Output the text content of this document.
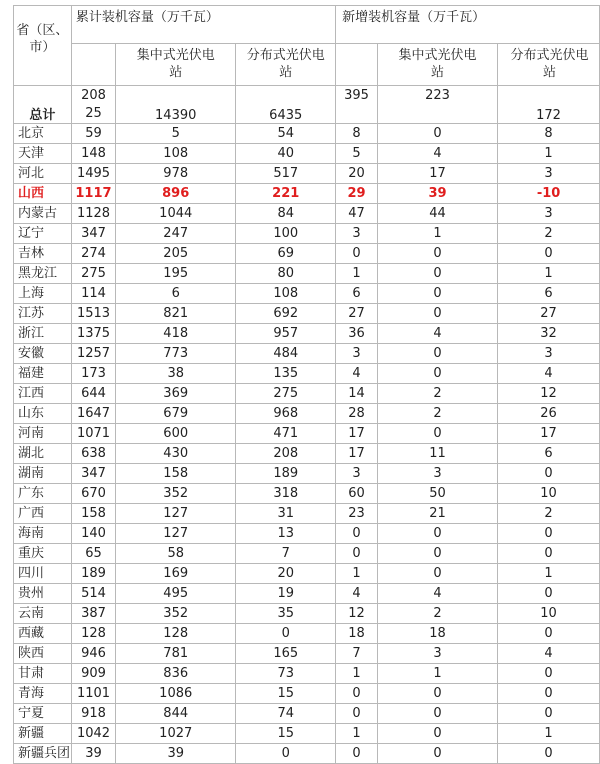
省（区、市）	累计装机容量（万千瓦）			新增装机容量（万千瓦）		
		集中式光伏电站	分布式光伏电站		集中式光伏电站	分布式光伏电站
总计	20825	14390	6435	395	223	172
北京	59	5	54	8	0	8
天津	148	108	40	5	4	1
河北	1495	978	517	20	17	3
山西	1117	896	221	29	39	-10
内蒙古	1128	1044	84	47	44	3
辽宁	347	247	100	3	1	2
吉林	274	205	69	0	0	0
黑龙江	275	195	80	1	0	1
上海	114	6	108	6	0	6
江苏	1513	821	692	27	0	27
浙江	1375	418	957	36	4	32
安徽	1257	773	484	3	0	3
福建	173	38	135	4	0	4
江西	644	369	275	14	2	12
山东	1647	679	968	28	2	26
河南	1071	600	471	17	0	17
湖北	638	430	208	17	11	6
湖南	347	158	189	3	3	0
广东	670	352	318	60	50	10
广西	158	127	31	23	21	2
海南	140	127	13	0	0	0
重庆	65	58	7	0	0	0
四川	189	169	20	1	0	1
贵州	514	495	19	4	4	0
云南	387	352	35	12	2	10
西藏	128	128	0	18	18	0
陕西	946	781	165	7	3	4
甘肃	909	836	73	1	1	0
青海	1101	1086	15	0	0	0
宁夏	918	844	74	0	0	0
新疆	1042	1027	15	1	0	1
新疆兵团	39	39	0	0	0	0
